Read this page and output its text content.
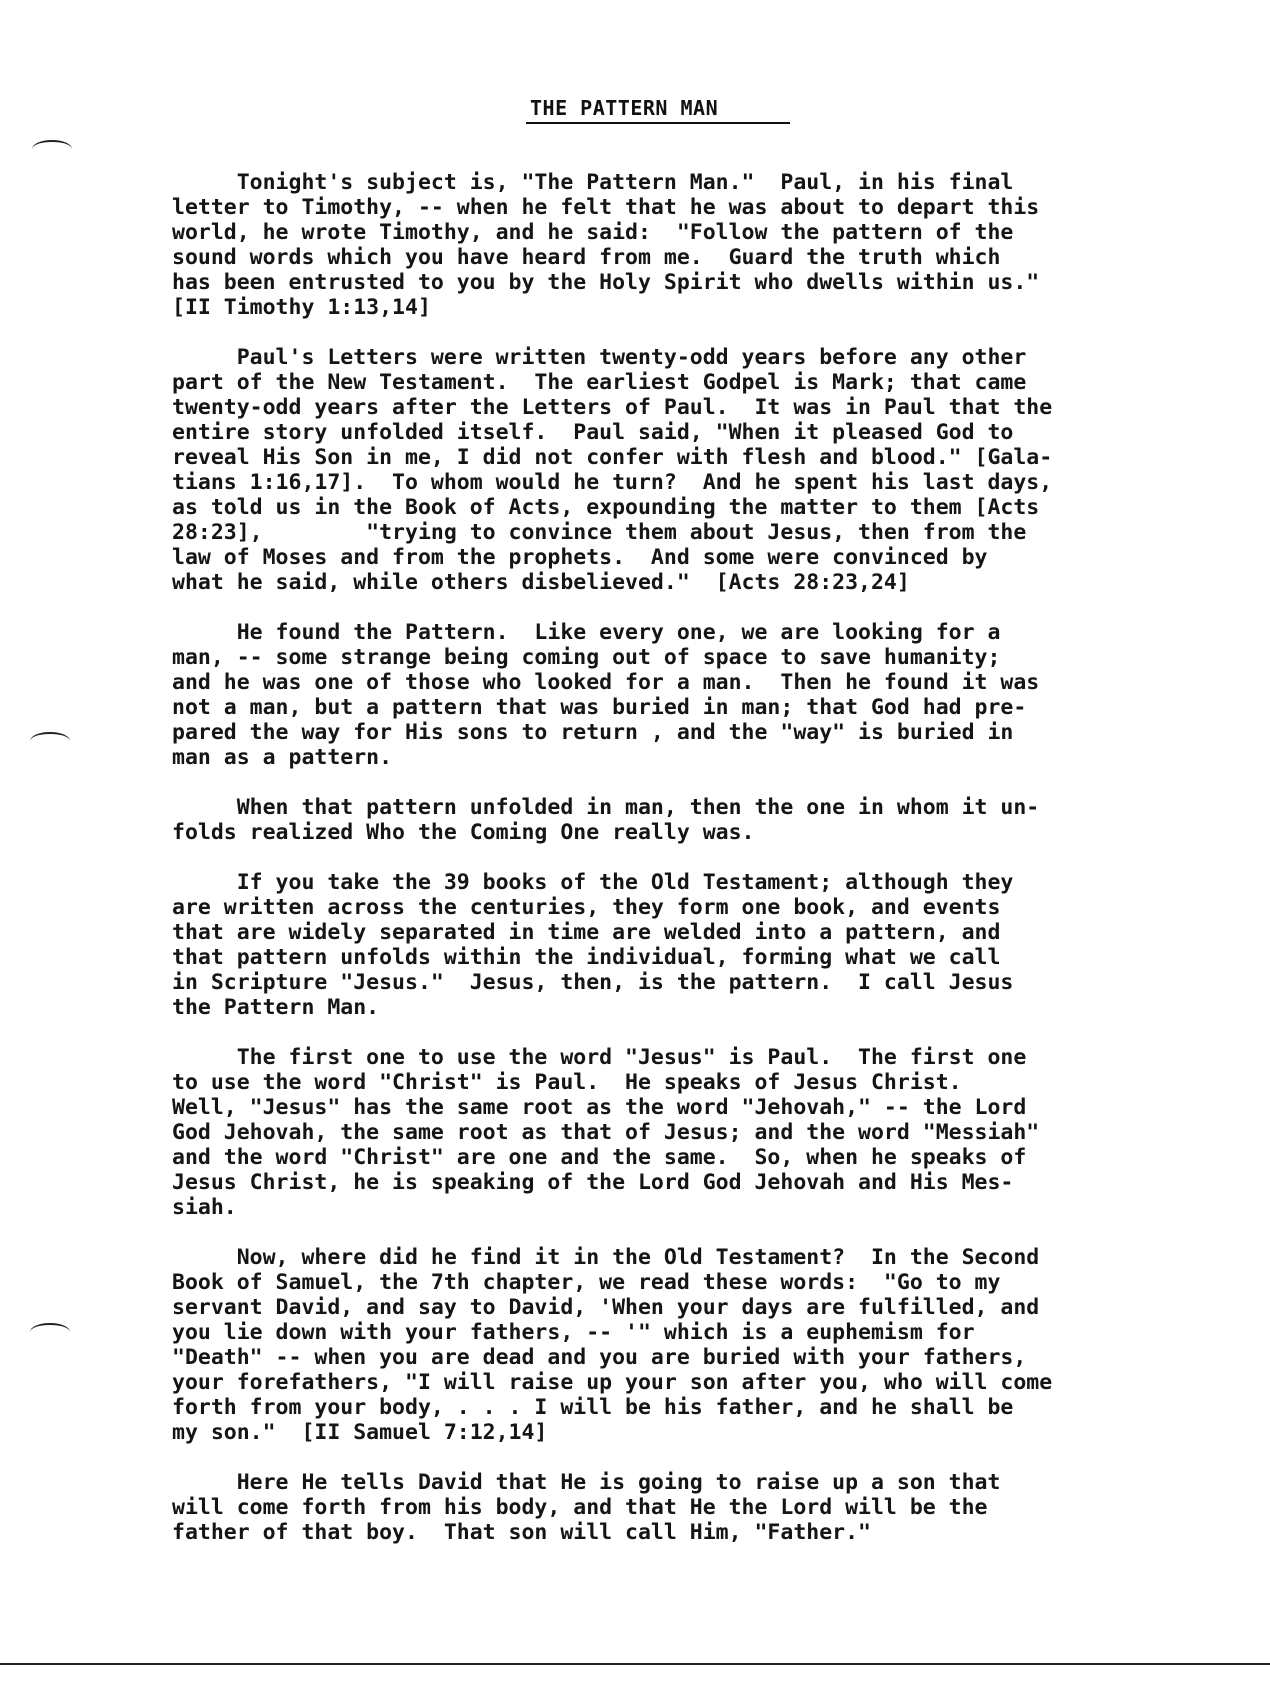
THE PATTERN MAN
Tonight's subject is, "The Pattern Man."  Paul, in his final
letter to Timothy, -- when he felt that he was about to depart this
world, he wrote Timothy, and he said:  "Follow the pattern of the
sound words which you have heard from me.  Guard the truth which
has been entrusted to you by the Holy Spirit who dwells within us."
[II Timothy 1:13,14]
Paul's Letters were written twenty-odd years before any other
part of the New Testament.  The earliest Godpel is Mark; that came
twenty-odd years after the Letters of Paul.  It was in Paul that the
entire story unfolded itself.  Paul said, "When it pleased God to
reveal His Son in me, I did not confer with flesh and blood." [Gala-
tians 1:16,17].  To whom would he turn?  And he spent his last days,
as told us in the Book of Acts, expounding the matter to them [Acts
28:23],        "trying to convince them about Jesus, then from the
law of Moses and from the prophets.  And some were convinced by
what he said, while others disbelieved."  [Acts 28:23,24]
He found the Pattern.  Like every one, we are looking for a
man, -- some strange being coming out of space to save humanity;
and he was one of those who looked for a man.  Then he found it was
not a man, but a pattern that was buried in man; that God had pre-
pared the way for His sons to return , and the "way" is buried in
man as a pattern.
When that pattern unfolded in man, then the one in whom it un-
folds realized Who the Coming One really was.
If you take the 39 books of the Old Testament; although they
are written across the centuries, they form one book, and events
that are widely separated in time are welded into a pattern, and
that pattern unfolds within the individual, forming what we call
in Scripture "Jesus."  Jesus, then, is the pattern.  I call Jesus
the Pattern Man.
The first one to use the word "Jesus" is Paul.  The first one
to use the word "Christ" is Paul.  He speaks of Jesus Christ.
Well, "Jesus" has the same root as the word "Jehovah," -- the Lord
God Jehovah, the same root as that of Jesus; and the word "Messiah"
and the word "Christ" are one and the same.  So, when he speaks of
Jesus Christ, he is speaking of the Lord God Jehovah and His Mes-
siah.
Now, where did he find it in the Old Testament?  In the Second
Book of Samuel, the 7th chapter, we read these words:  "Go to my
servant David, and say to David, 'When your days are fulfilled, and
you lie down with your fathers, -- '" which is a euphemism for
"Death" -- when you are dead and you are buried with your fathers,
your forefathers, "I will raise up your son after you, who will come
forth from your body, . . . I will be his father, and he shall be
my son."  [II Samuel 7:12,14]
Here He tells David that He is going to raise up a son that
will come forth from his body, and that He the Lord will be the
father of that boy.  That son will call Him, "Father."
